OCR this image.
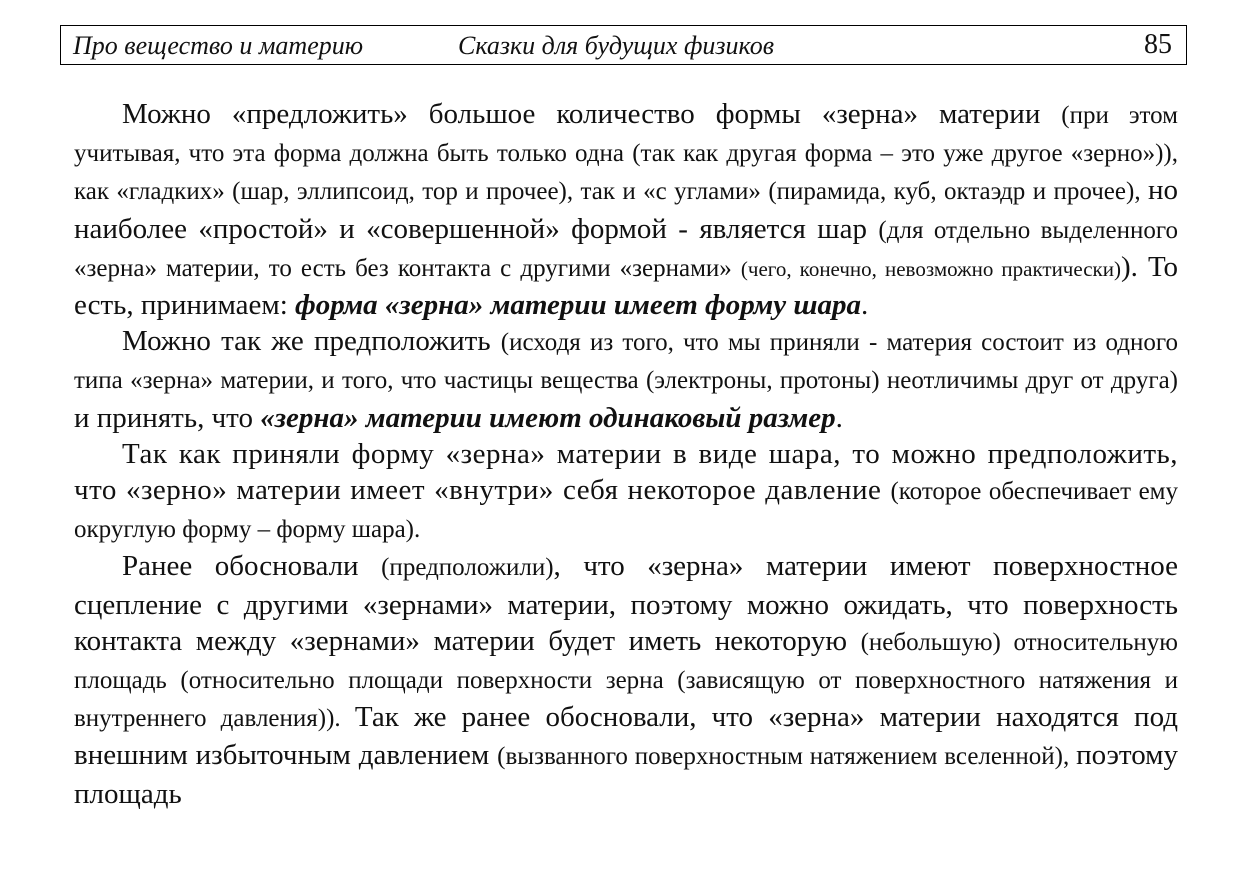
Про вещество и материю	Сказки для будущих физиков	85

Можно «предложить» большое количество формы «зерна» материи (при этом учитывая, что эта форма должна быть только одна (так как другая форма – это уже другое «зерно»)), как «гладких» (шар, эллипсоид, тор и прочее), так и «с углами» (пирамида, куб, октаэдр и прочее), но наиболее «простой» и «совершенной» формой - является шар (для отдельно выделенного «зерна» материи, то есть без контакта с другими «зернами» (чего, конечно, невозможно практически)). То есть, принимаем: форма «зерна» материи имеет форму шара.

Можно так же предположить (исходя из того, что мы приняли - материя состоит из одного типа «зерна» материи, и того, что частицы вещества (электроны, протоны) неотличимы друг от друга) и принять, что «зерна» материи имеют одинаковый размер.

Так как приняли форму «зерна» материи в виде шара, то можно предположить, что «зерно» материи имеет «внутри» себя некоторое давление (которое обеспечивает ему округлую форму – форму шара).

Ранее обосновали (предположили), что «зерна» материи имеют поверхностное сцепление с другими «зернами» материи, поэтому можно ожидать, что поверхность контакта между «зернами» материи будет иметь некоторую (небольшую) относительную площадь (относительно площади поверхности зерна (зависящую от поверхностного натяжения и внутреннего давления)). Так же ранее обосновали, что «зерна» материи находятся под внешним избыточным давлением (вызванного поверхностным натяжением вселенной), поэтому площадь
